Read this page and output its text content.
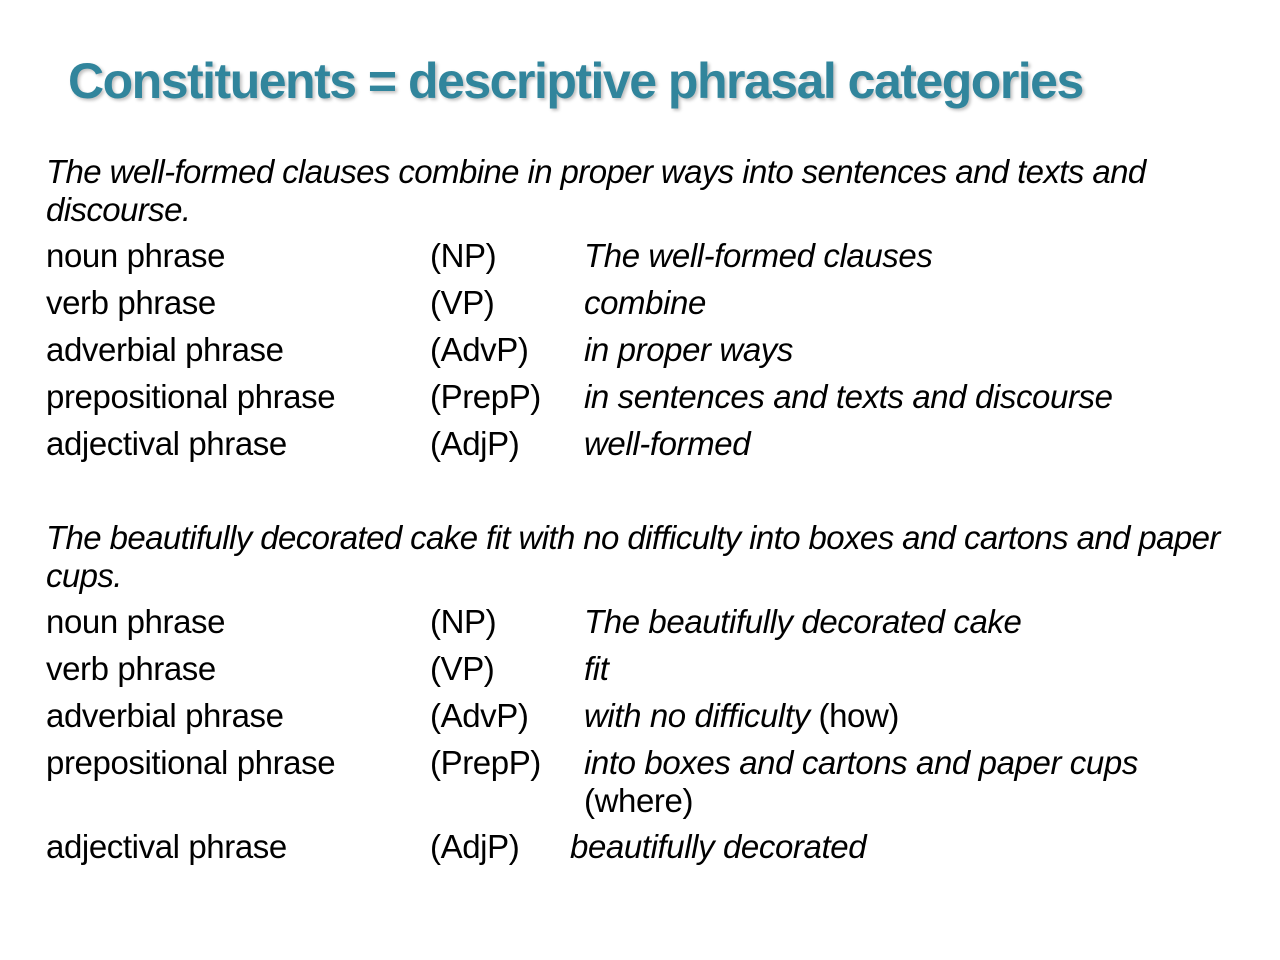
Constituents = descriptive phrasal categories

The well-formed clauses combine in proper ways into sentences and texts and discourse.

noun phrase	(NP)	The well-formed clauses
verb phrase	(VP)	combine
adverbial phrase	(AdvP) in proper ways
prepositional phrase	(PrepP) in sentences and texts and discourse
adjectival phrase	(AdjP) well-formed

The beautifully decorated cake fit with no difficulty into boxes and cartons and paper cups.

noun phrase	(NP)	The beautifully decorated cake
verb phrase	(VP)	fit
adverbial phrase	(AdvP) with no difficulty (how)
prepositional phrase	(PrepP) into boxes and cartons and paper cups (where)
adjectival phrase	(AdjP) beautifully decorated
